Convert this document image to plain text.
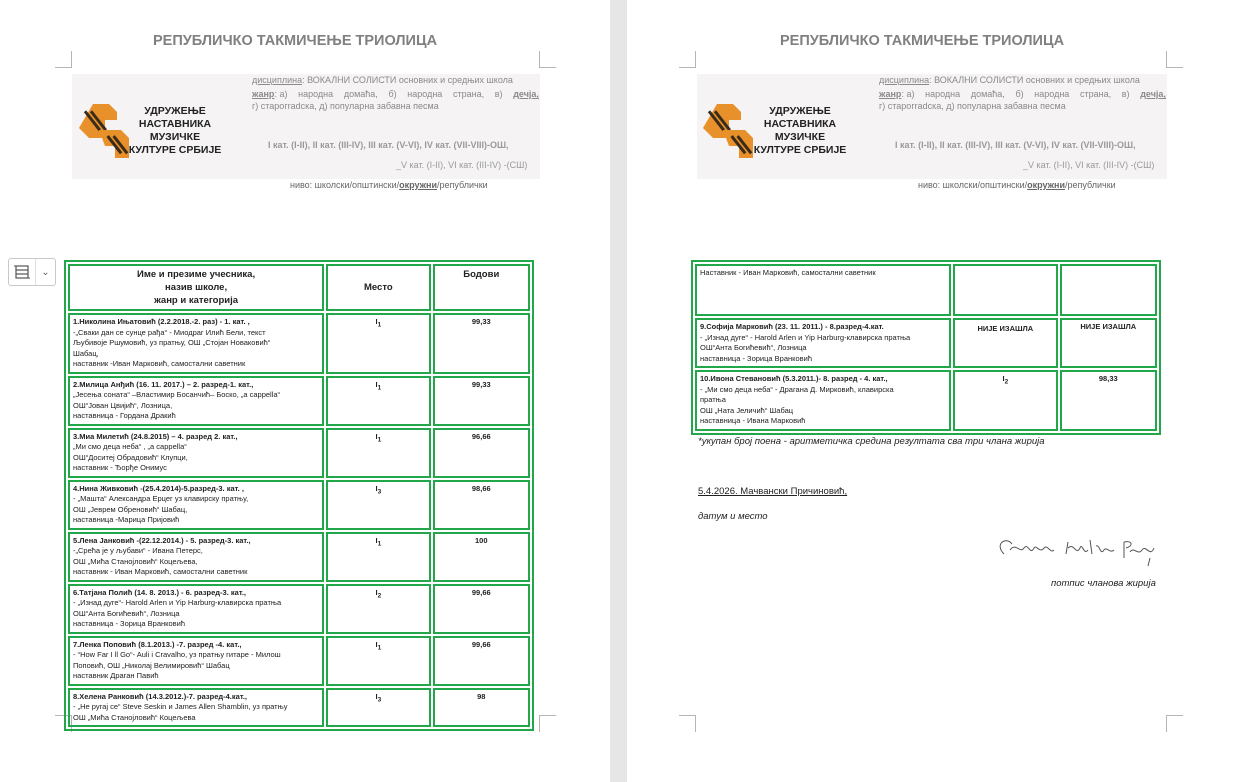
РЕПУБЛИЧКО ТАКМИЧЕЊЕ ТРИОЛИЦА
УДРУЖЕЊЕ
НАСТАВНИКА
МУЗИЧКЕ
КУЛТУРЕ СРБИЈЕ
дисциплина: ВОКАЛНИ СОЛИСТИ основних и средњих школа
жанр: а) народна домаћа, б) народна страна, в) дечја,
г) старогradска, д) популарна забавна песма
I кат. (I-II), II кат. (III-IV), III кат. (V-VI), IV кат. (VII-VIII)-ОШ,
_V кат. (I-II), VI кат. (III-IV) -(СШ)
ниво: школски/општински/окружни/републички
Име и презиме учесника,
назив школе,
жанр и категорија	Место	Бодови

1.Николина Ињатовић (2.2.2018.-2. раз) - 1. кат. ,
-„Сваки дан се сунце рађа“ - Миодраг Илић Бели, текст
Љубивоје Ршумовић, уз пратњу, ОШ „Стојан Новаковић“
Шабац,
наставник -Иван Марковић, самостални саветник	$I_1$	99,33

2.Милица Анђић (16. 11. 2017.) – 2. разред-1. кат.,
„Јесења соната“ –Властимир Босанчић– Боско, „a cappella“
ОШ“Јован Цвијић“, Лозница,
наставница - Гордана Дракић	$I_1$	99,33

3.Миа Милетић (24.8.2015) – 4. разред 2. кат.,
„Ми смо деца неба“ , „a cappella“
ОШ“Доситеј Обрадовић“ Клупци,
наставник - Ђорђе Онимус	$I_1$	96,66

4.Нина Живковић -(25.4.2014)-5.разред-3. кат. ,
- „Машта“ Александра Ерцег уз клавирску пратњу,
ОШ „Јеврем Обреновић“ Шабац,
наставница -Марица Пријовић	$I_3$	98,66

5.Лена Јанковић -(22.12.2014.) - 5. разред-3. кат.,
-„Срећа је у љубави“ - Ивана Петерс,
ОШ „Мића Станојловић“ Коцељева,
наставник - Иван Марковић, самостални саветник	$I_1$	100

6.Татјана Полић (14. 8. 2013.) - 6. разред-3. кат.,
- „Изнад дуге“- Harold Arlen и Yip Harburg-клавирска пратња
ОШ“Анта Богићевић“, Лозница
наставница - Зорица Вранковић	$I_2$	99,66

7.Ленка Поповић (8.1.2013.) -7. разред -4. кат.,
- “How Far I ll Go“- Auli i Cravalho, уз пратњу гитаре - Милош
Поповић, ОШ „Николај Велимировић“ Шабац
наставник Драган Павић	$I_1$	99,66

8.Хелена Ранковић (14.3.2012.)-7. разред-4.кат.,
- „Не ругај се“ Steve Seskin и James Allen Shamblin, уз пратњу
ОШ „Мића Станојловић“ Коцељева	$I_3$	98
⌄
РЕПУБЛИЧКО ТАКМИЧЕЊЕ ТРИОЛИЦА
УДРУЖЕЊЕ
НАСТАВНИКА
МУЗИЧКЕ
КУЛТУРЕ СРБИЈЕ
дисциплина: ВОКАЛНИ СОЛИСТИ основних и средњих школа
жанр: а) народна домаћа, б) народна страна, в) дечја,
г) старогradска, д) популарна забавна песма
I кат. (I-II), II кат. (III-IV), III кат. (V-VI), IV кат. (VII-VIII)-ОШ,
_V кат. (I-II), VI кат. (III-IV) -(СШ)
ниво: школски/општински/окружни/републички
Наставник - Иван Марковић, самостални саветник		

9.Софија Марковић (23. 11. 2011.) - 8.разред-4.кат.
- „Изнад дуге“ - Harold Arlen и Yip Harburg-клавирска пратња
ОШ“Анта Богићевић“, Лозница
наставница - Зорица Вранковић	НИЈЕ ИЗАШЛА	НИЈЕ ИЗАШЛА

10.Ивона Стевановић (5.3.2011.)- 8. разред - 4. кат.,
- „Ми смо деца неба“ - Драгана Д. Мирковић, клавирска
пратња
ОШ „Ната Јеличић“ Шабац
наставница - Ивана Марковић	$I_2$	98,33
*укупан број поена - аритметичка средина резултата сва три члана жирија
5.4.2026. Мачвански Причиновић,
датум и место
потпис чланова жирија
